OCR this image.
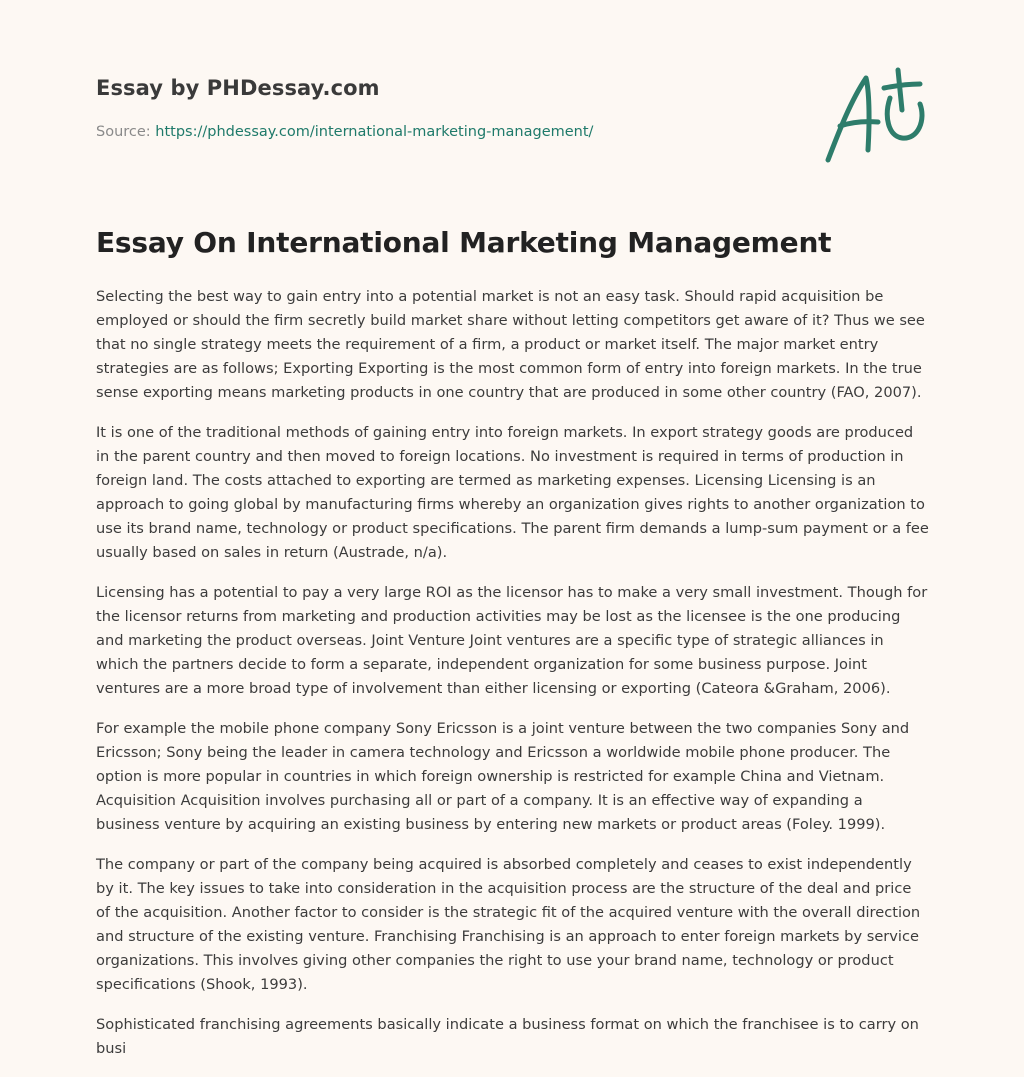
Essay by PHDessay.com

Source: https://phdessay.com/international-marketing-management/

Essay On International Marketing Management

Selecting the best way to gain entry into a potential market is not an easy task. Should rapid acquisition be employed or should the firm secretly build market share without letting competitors get aware of it? Thus we see that no single strategy meets the requirement of a firm, a product or market itself. The major market entry strategies are as follows; Exporting Exporting is the most common form of entry into foreign markets. In the true sense exporting means marketing products in one country that are produced in some other country (FAO, 2007).

It is one of the traditional methods of gaining entry into foreign markets. In export strategy goods are produced in the parent country and then moved to foreign locations. No investment is required in terms of production in foreign land. The costs attached to exporting are termed as marketing expenses. Licensing Licensing is an approach to going global by manufacturing firms whereby an organization gives rights to another organization to use its brand name, technology or product specifications. The parent firm demands a lump-sum payment or a fee usually based on sales in return (Austrade, n/a).

Licensing has a potential to pay a very large ROI as the licensor has to make a very small investment. Though for the licensor returns from marketing and production activities may be lost as the licensee is the one producing and marketing the product overseas. Joint Venture Joint ventures are a specific type of strategic alliances in which the partners decide to form a separate, independent organization for some business purpose. Joint ventures are a more broad type of involvement than either licensing or exporting (Cateora &Graham, 2006).

For example the mobile phone company Sony Ericsson is a joint venture between the two companies Sony and Ericsson; Sony being the leader in camera technology and Ericsson a worldwide mobile phone producer. The option is more popular in countries in which foreign ownership is restricted for example China and Vietnam. Acquisition Acquisition involves purchasing all or part of a company. It is an effective way of expanding a business venture by acquiring an existing business by entering new markets or product areas (Foley. 1999).

The company or part of the company being acquired is absorbed completely and ceases to exist independently by it. The key issues to take into consideration in the acquisition process are the structure of the deal and price of the acquisition. Another factor to consider is the strategic fit of the acquired venture with the overall direction and structure of the existing venture. Franchising Franchising is an approach to enter foreign markets by service organizations. This involves giving other companies the right to use your brand name, technology or product specifications (Shook, 1993).

Sophisticated franchising agreements basically indicate a business format on which the franchisee is to carry on busi
